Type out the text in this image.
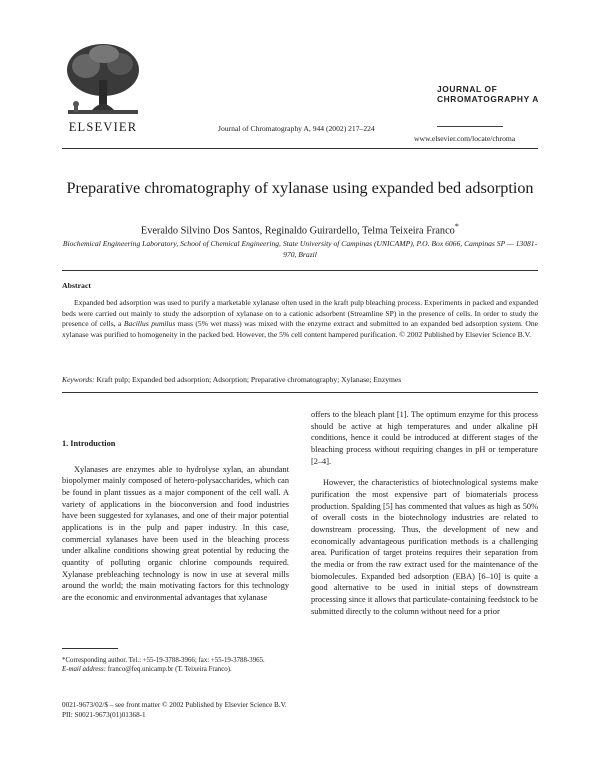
ELSEVIER	Journal of Chromatography A, 944 (2002) 217–224
JOURNAL OF
CHROMATOGRAPHY A
www.elsevier.com/locate/chroma
Preparative chromatography of xylanase using expanded bed adsorption
Everaldo Silvino Dos Santos, Reginaldo Guirardello, Telma Teixeira Franco*
Biochemical Engineering Laboratory, School of Chemical Engineering, State University of Campinas (UNICAMP), P.O. Box 6066, Campinas SP — 13081-970, Brazil
Abstract
Expanded bed adsorption was used to purify a marketable xylanase often used in the kraft pulp bleaching process. Experiments in packed and expanded beds were carried out mainly to study the adsorption of xylanase on to a cationic adsorbent (Streamline SP) in the presence of cells. In order to study the presence of cells, a Bacillus pumilus mass (5% wet mass) was mixed with the enzyme extract and submitted to an expanded bed adsorption system. One xylanase was purified to homogeneity in the packed bed. However, the 5% cell content hampered purification. © 2002 Published by Elsevier Science B.V.
Keywords: Kraft pulp; Expanded bed adsorption; Adsorption; Preparative chromatography; Xylanase; Enzymes
1. Introduction

Xylanases are enzymes able to hydrolyse xylan, an abundant biopolymer mainly composed of hetero-polysaccharides, which can be found in plant tissues as a major component of the cell wall. A variety of applications in the bioconversion and food industries have been suggested for xylanases, and one of their major potential applications is in the pulp and paper industry. In this case, commercial xylanases have been used in the bleaching process under alkaline conditions showing great potential by reducing the quantity of polluting organic chlorine compounds required. Xylanase prebleaching technology is now in use at several mills around the world; the main motivating factors for this technology are the economic and environmental advantages that xylanase

offers to the bleach plant [1]. The optimum enzyme for this process should be active at high temperatures and under alkaline pH conditions, hence it could be introduced at different stages of the bleaching process without requiring changes in pH or temperature [2–4].

However, the characteristics of biotechnological systems make purification the most expensive part of biomaterials process production. Spalding [5] has commented that values as high as 50% of overall costs in the biotechnology industries are related to downstream processing. Thus, the development of new and economically advantageous purification methods is a challenging area. Purification of target proteins requires their separation from the media or from the raw extract used for the maintenance of the biomolecules. Expanded bed adsorption (EBA) [6–10] is quite a good alternative to be used in initial steps of downstream processing since it allows that particulate-containing feedstock to be submitted directly to the column without need for a prior

*Corresponding author. Tel.: +55-19-3788-3966; fax: +55-19-3788-3965.
E-mail address: franco@feq.unicamp.br (T. Teixeira Franco).
0021-9673/02/$ – see front matter © 2002 Published by Elsevier Science B.V.
PII: S0021-9673(01)01368-1
